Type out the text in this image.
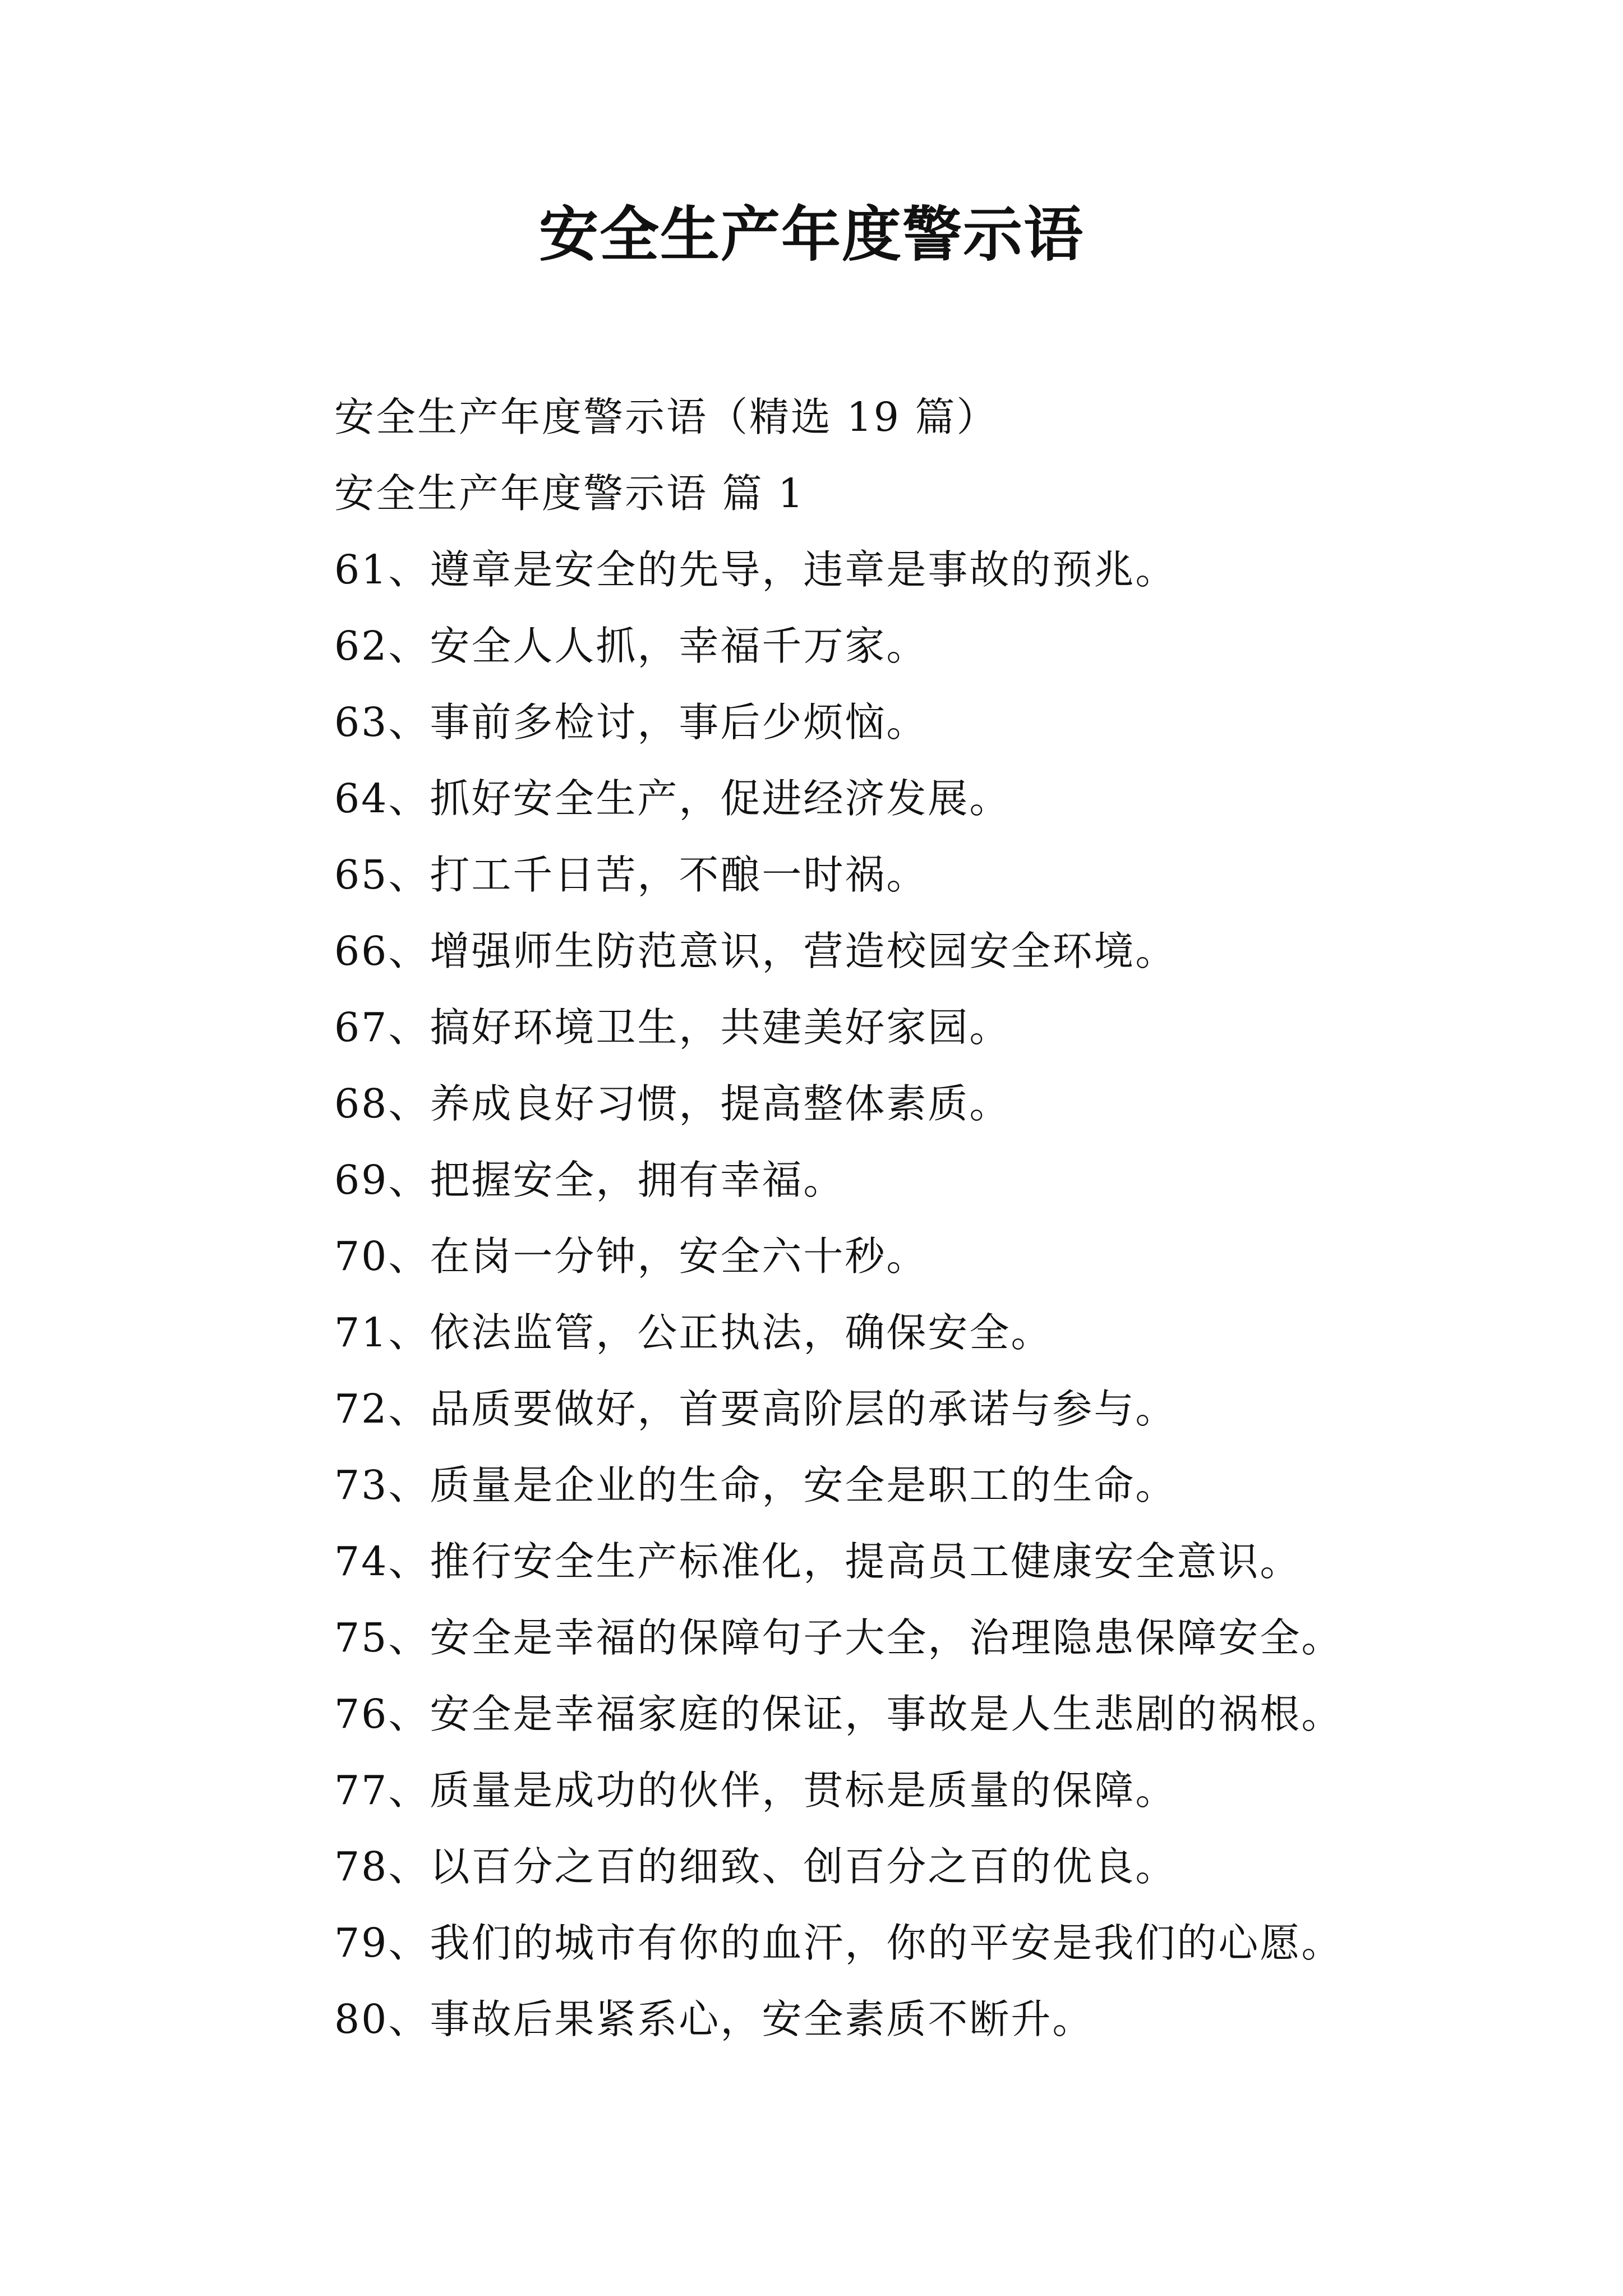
安全生产年度警示语
安全生产年度警示语（精选 19 篇）
安全生产年度警示语 篇 1
61、遵章是安全的先导，违章是事故的预兆。
62、安全人人抓，幸福千万家。
63、事前多检讨，事后少烦恼。
64、抓好安全生产，促进经济发展。
65、打工千日苦，不酿一时祸。
66、增强师生防范意识，营造校园安全环境。
67、搞好环境卫生，共建美好家园。
68、养成良好习惯，提高整体素质。
69、把握安全，拥有幸福。
70、在岗一分钟，安全六十秒。
71、依法监管，公正执法，确保安全。
72、品质要做好，首要高阶层的承诺与参与。
73、质量是企业的生命，安全是职工的生命。
74、推行安全生产标准化，提高员工健康安全意识。
75、安全是幸福的保障句子大全，治理隐患保障安全。
76、安全是幸福家庭的保证，事故是人生悲剧的祸根。
77、质量是成功的伙伴，贯标是质量的保障。
78、以百分之百的细致、创百分之百的优良。
79、我们的城市有你的血汗，你的平安是我们的心愿。
80、事故后果紧系心，安全素质不断升。
